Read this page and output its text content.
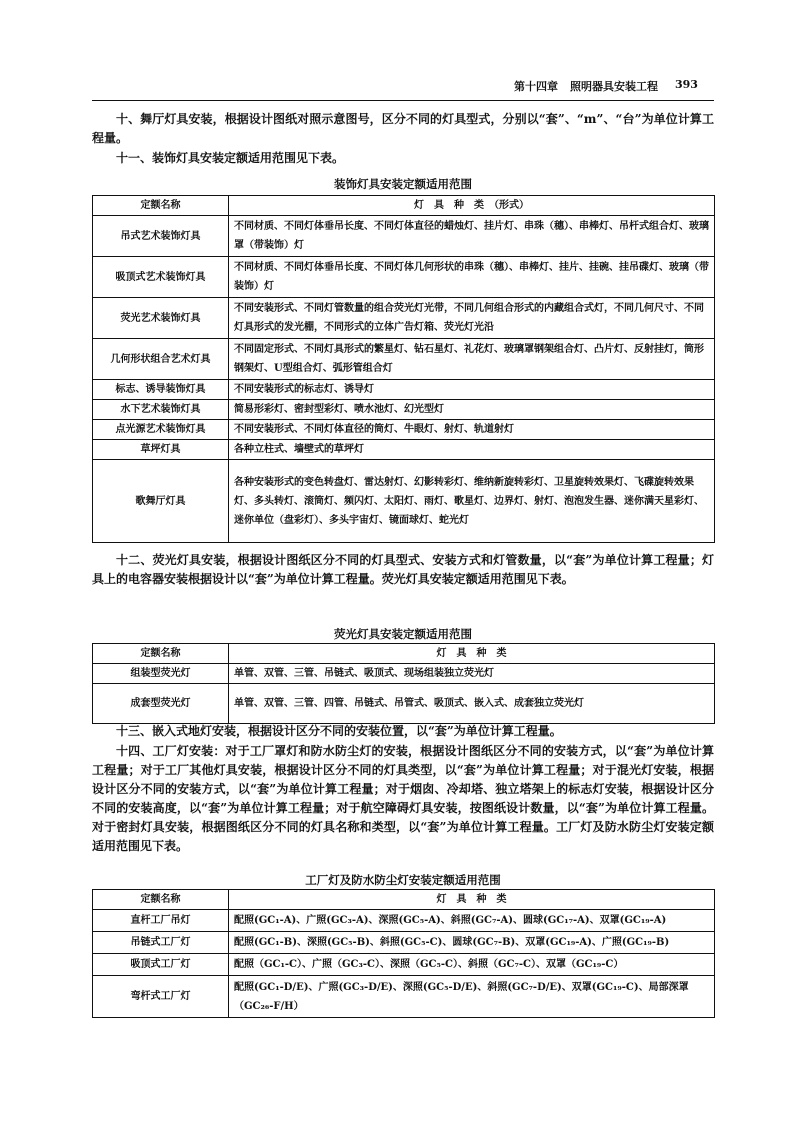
第十四章 照明器具安装工程 393

十、舞厅灯具安装，根据设计图纸对照示意图号，区分不同的灯具型式，分别以“套”、“m”、“台”为单位计算工程量。

十一、装饰灯具安装定额适用范围见下表。

装饰灯具安装定额适用范围
定额名称	灯　具　种　类　（形式）
吊式艺术装饰灯具	不同材质、不同灯体垂吊长度、不同灯体直径的蜡烛灯、挂片灯、串珠（穗）、串棒灯、吊杆式组合灯、玻璃罩（带装饰）灯
吸顶式艺术装饰灯具	不同材质、不同灯体垂吊长度、不同灯体几何形状的串珠（穗）、串棒灯、挂片、挂碗、挂吊碟灯、玻璃（带装饰）灯
荧光艺术装饰灯具	不同安装形式、不同灯管数量的组合荧光灯光带，不同几何组合形式的内藏组合式灯，不同几何尺寸、不同灯具形式的发光棚，不同形式的立体广告灯箱、荧光灯光沿
几何形状组合艺术灯具	不同固定形式、不同灯具形式的繁星灯、钻石星灯、礼花灯、玻璃罩钢架组合灯、凸片灯、反射挂灯，筒形钢架灯、U型组合灯、弧形管组合灯
标志、诱导装饰灯具	不同安装形式的标志灯、诱导灯
水下艺术装饰灯具	简易形彩灯、密封型彩灯、喷水池灯、幻光型灯
点光源艺术装饰灯具	不同安装形式、不同灯体直径的筒灯、牛眼灯、射灯、轨道射灯
草坪灯具	各种立柱式、墙壁式的草坪灯
歌舞厅灯具	各种安装形式的变色转盘灯、雷达射灯、幻影转彩灯、维纳新旋转彩灯、卫星旋转效果灯、飞碟旋转效果灯、多头转灯、滚筒灯、频闪灯、太阳灯、雨灯、歌星灯、边界灯、射灯、泡泡发生器、迷你满天星彩灯、迷你单位（盘彩灯）、多头宇宙灯、镜面球灯、蛇光灯

十二、荧光灯具安装，根据设计图纸区分不同的灯具型式、安装方式和灯管数量，以“套”为单位计算工程量；灯具上的电容器安装根据设计以“套”为单位计算工程量。荧光灯具安装定额适用范围见下表。

荧光灯具安装定额适用范围
定额名称	灯　具　种　类
组装型荧光灯	单管、双管、三管、吊链式、吸顶式、现场组装独立荧光灯
成套型荧光灯	单管、双管、三管、四管、吊链式、吊管式、吸顶式、嵌入式、成套独立荧光灯

十三、嵌入式地灯安装，根据设计区分不同的安装位置，以“套”为单位计算工程量。

十四、工厂灯安装：对于工厂罩灯和防水防尘灯的安装，根据设计图纸区分不同的安装方式，以“套”为单位计算工程量；对于工厂其他灯具安装，根据设计区分不同的灯具类型，以“套”为单位计算工程量；对于混光灯安装，根据设计区分不同的安装方式，以“套”为单位计算工程量；对于烟囱、冷却塔、独立塔架上的标志灯安装，根据设计区分不同的安装高度，以“套”为单位计算工程量；对于航空障碍灯具安装，按图纸设计数量，以“套”为单位计算工程量。对于密封灯具安装，根据图纸区分不同的灯具名称和类型，以“套”为单位计算工程量。工厂灯及防水防尘灯安装定额适用范围见下表。

工厂灯及防水防尘灯安装定额适用范围
定额名称	灯　具　种　类
直杆工厂吊灯	配照(GC₁-A)、广照(GC₃-A)、深照(GC₅-A)、斜照(GC₇-A)、圆球(GC₁₇-A)、双罩(GC₁₉-A)
吊链式工厂灯	配照(GC₁-B)、深照(GC₅-B)、斜照(GC₅-C)、圆球(GC₇-B)、双罩(GC₁₉-A)、广照(GC₁₉-B)
吸顶式工厂灯	配照（GC₁-C）、广照（GC₃-C）、深照（GC₅-C）、斜照（GC₇-C）、双罩（GC₁₉-C）
弯杆式工厂灯	配照(GC₁-D/E)、广照(GC₃-D/E)、深照(GC₅-D/E)、斜照(GC₇-D/E)、双罩(GC₁₉-C)、局部深罩（GC₂₆-F/H）
